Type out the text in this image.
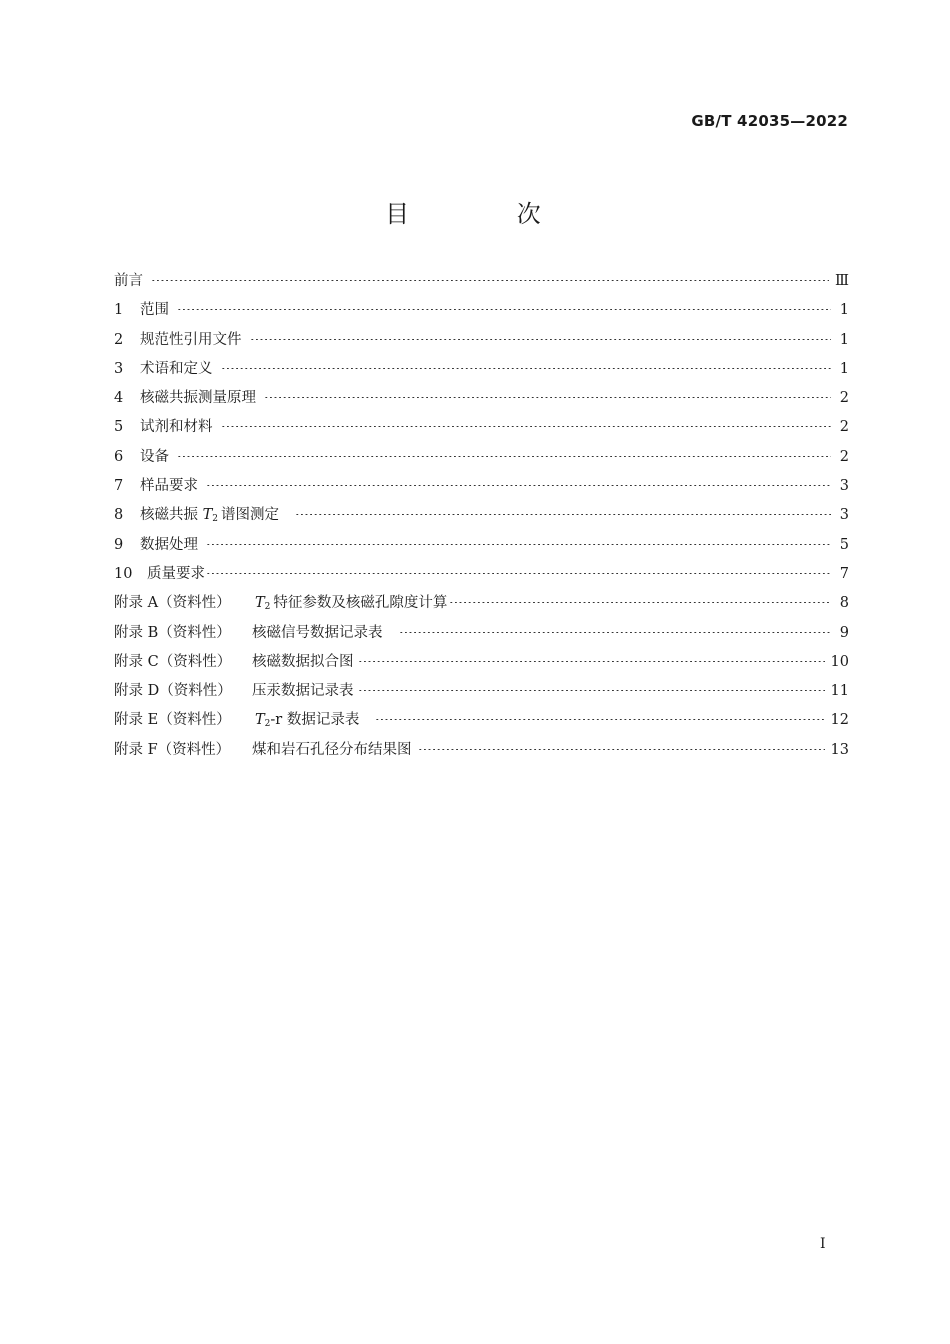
GB/T 42035—2022
目 次
前言	Ⅲ
1	范围	1
2	规范性引用文件	1
3	术语和定义	1
4	核磁共振测量原理	2
5	试剂和材料	2
6	设备	2
7	样品要求	3
8	核磁共振 $T_2$ 谱图测定	3
9	数据处理	5
10	质量要求	7
附录 A（资料性）	$T_2$ 特征参数及核磁孔隙度计算	8
附录 B（资料性）	核磁信号数据记录表	9
附录 C（资料性）	核磁数据拟合图	10
附录 D（资料性）	压汞数据记录表	11
附录 E（资料性）	$T_2-r$ 数据记录表	12
附录 F（资料性）	煤和岩石孔径分布结果图	13
I
